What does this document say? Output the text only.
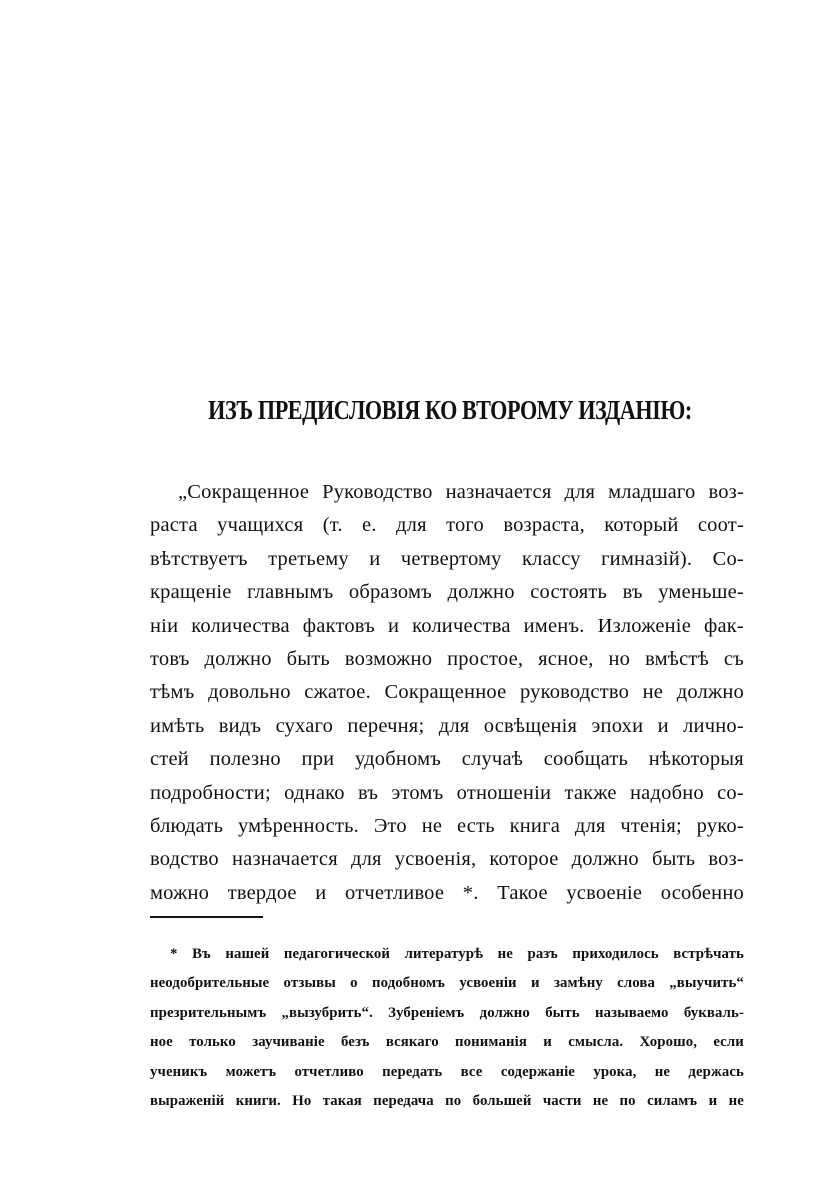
ИЗЪ ПРЕДИСЛОВІЯ КО ВТОРОМУ ИЗДАНІЮ:
„Сокращенное Руководство назначается для младшаго воз-
раста учащихся (т. е. для того возраста, который соот-
вѣтствуетъ третьему и четвертому классу гимназій). Со-
кращеніе главнымъ образомъ должно состоять въ уменьше-
ніи количества фактовъ и количества именъ. Изложеніе фак-
товъ должно быть возможно простое, ясное, но вмѣстѣ съ
тѣмъ довольно сжатое. Сокращенное руководство не должно
имѣть видъ сухаго перечня; для освѣщенія эпохи и лично-
стей полезно при удобномъ случаѣ сообщать нѣкоторыя
подробности; однако въ этомъ отношеніи также надобно со-
блюдать умѣренность. Это не есть книга для чтенія; руко-
водство назначается для усвоенія, которое должно быть воз-
можно твердое и отчетливое *. Такое усвоеніе особенно
* Въ нашей педагогической литературѣ не разъ приходилось встрѣчать
неодобрительные отзывы о подобномъ усвоеніи и замѣну слова „выучить“
презрительнымъ „вызубрить“. Зубреніемъ должно быть называемо букваль-
ное только заучиваніе безъ всякаго пониманія и смысла. Хорошо, если
ученикъ можетъ отчетливо передать все содержаніе урока, не держась
выраженій книги. Но такая передача по большей части не по силамъ и не
